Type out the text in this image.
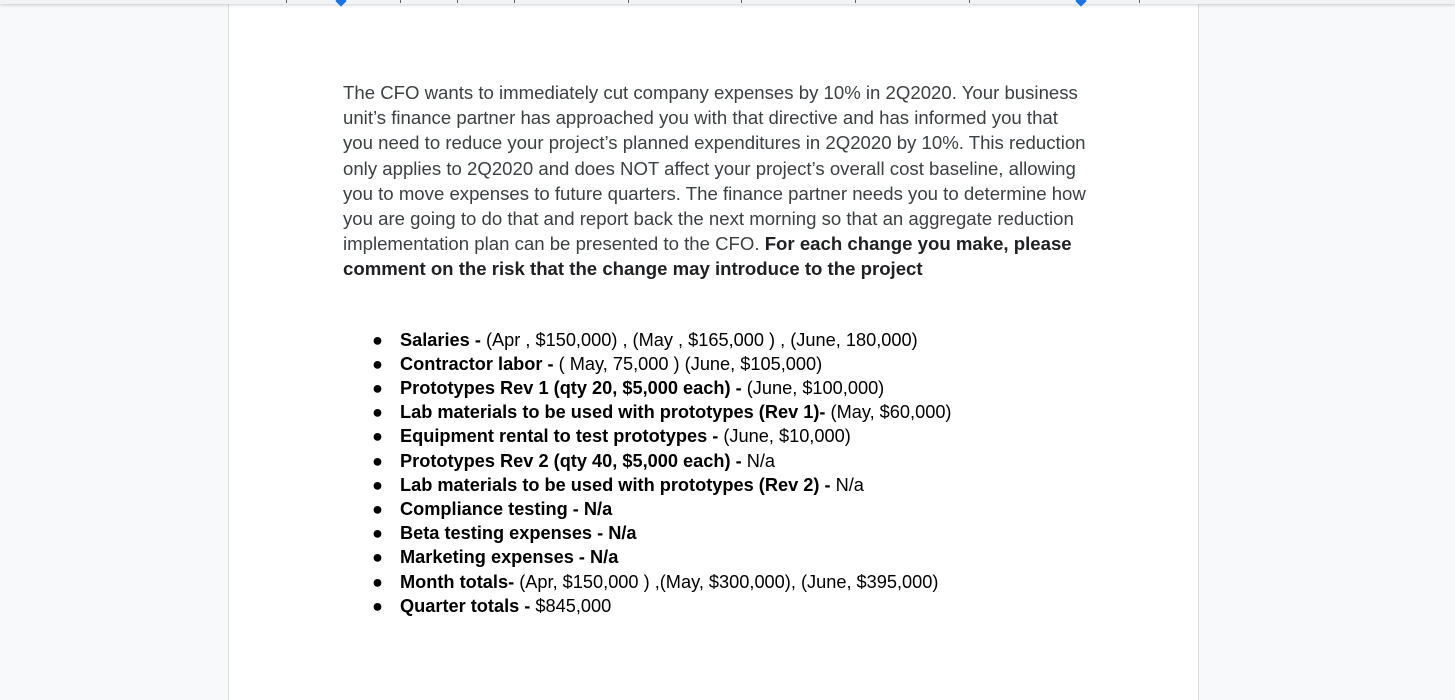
The CFO wants to immediately cut company expenses by 10% in 2Q2020. Your business unit’s finance partner has approached you with that directive and has informed you that you need to reduce your project’s planned expenditures in 2Q2020 by 10%. This reduction only applies to 2Q2020 and does NOT affect your project’s overall cost baseline, allowing you to move expenses to future quarters. The finance partner needs you to determine how you are going to do that and report back the next morning so that an aggregate reduction implementation plan can be presented to the CFO. For each change you make, please comment on the risk that the change may introduce to the project

● Salaries - (Apr , $150,000) , (May , $165,000 ) , (June, 180,000)
● Contractor labor - ( May, 75,000 ) (June, $105,000)
● Prototypes Rev 1 (qty 20, $5,000 each) - (June, $100,000)
● Lab materials to be used with prototypes (Rev 1)- (May, $60,000)
● Equipment rental to test prototypes - (June, $10,000)
● Prototypes Rev 2 (qty 40, $5,000 each) - N/a
● Lab materials to be used with prototypes (Rev 2) - N/a
● Compliance testing - N/a
● Beta testing expenses - N/a
● Marketing expenses - N/a
● Month totals- (Apr, $150,000 ) ,(May, $300,000), (June, $395,000)
● Quarter totals - $845,000
